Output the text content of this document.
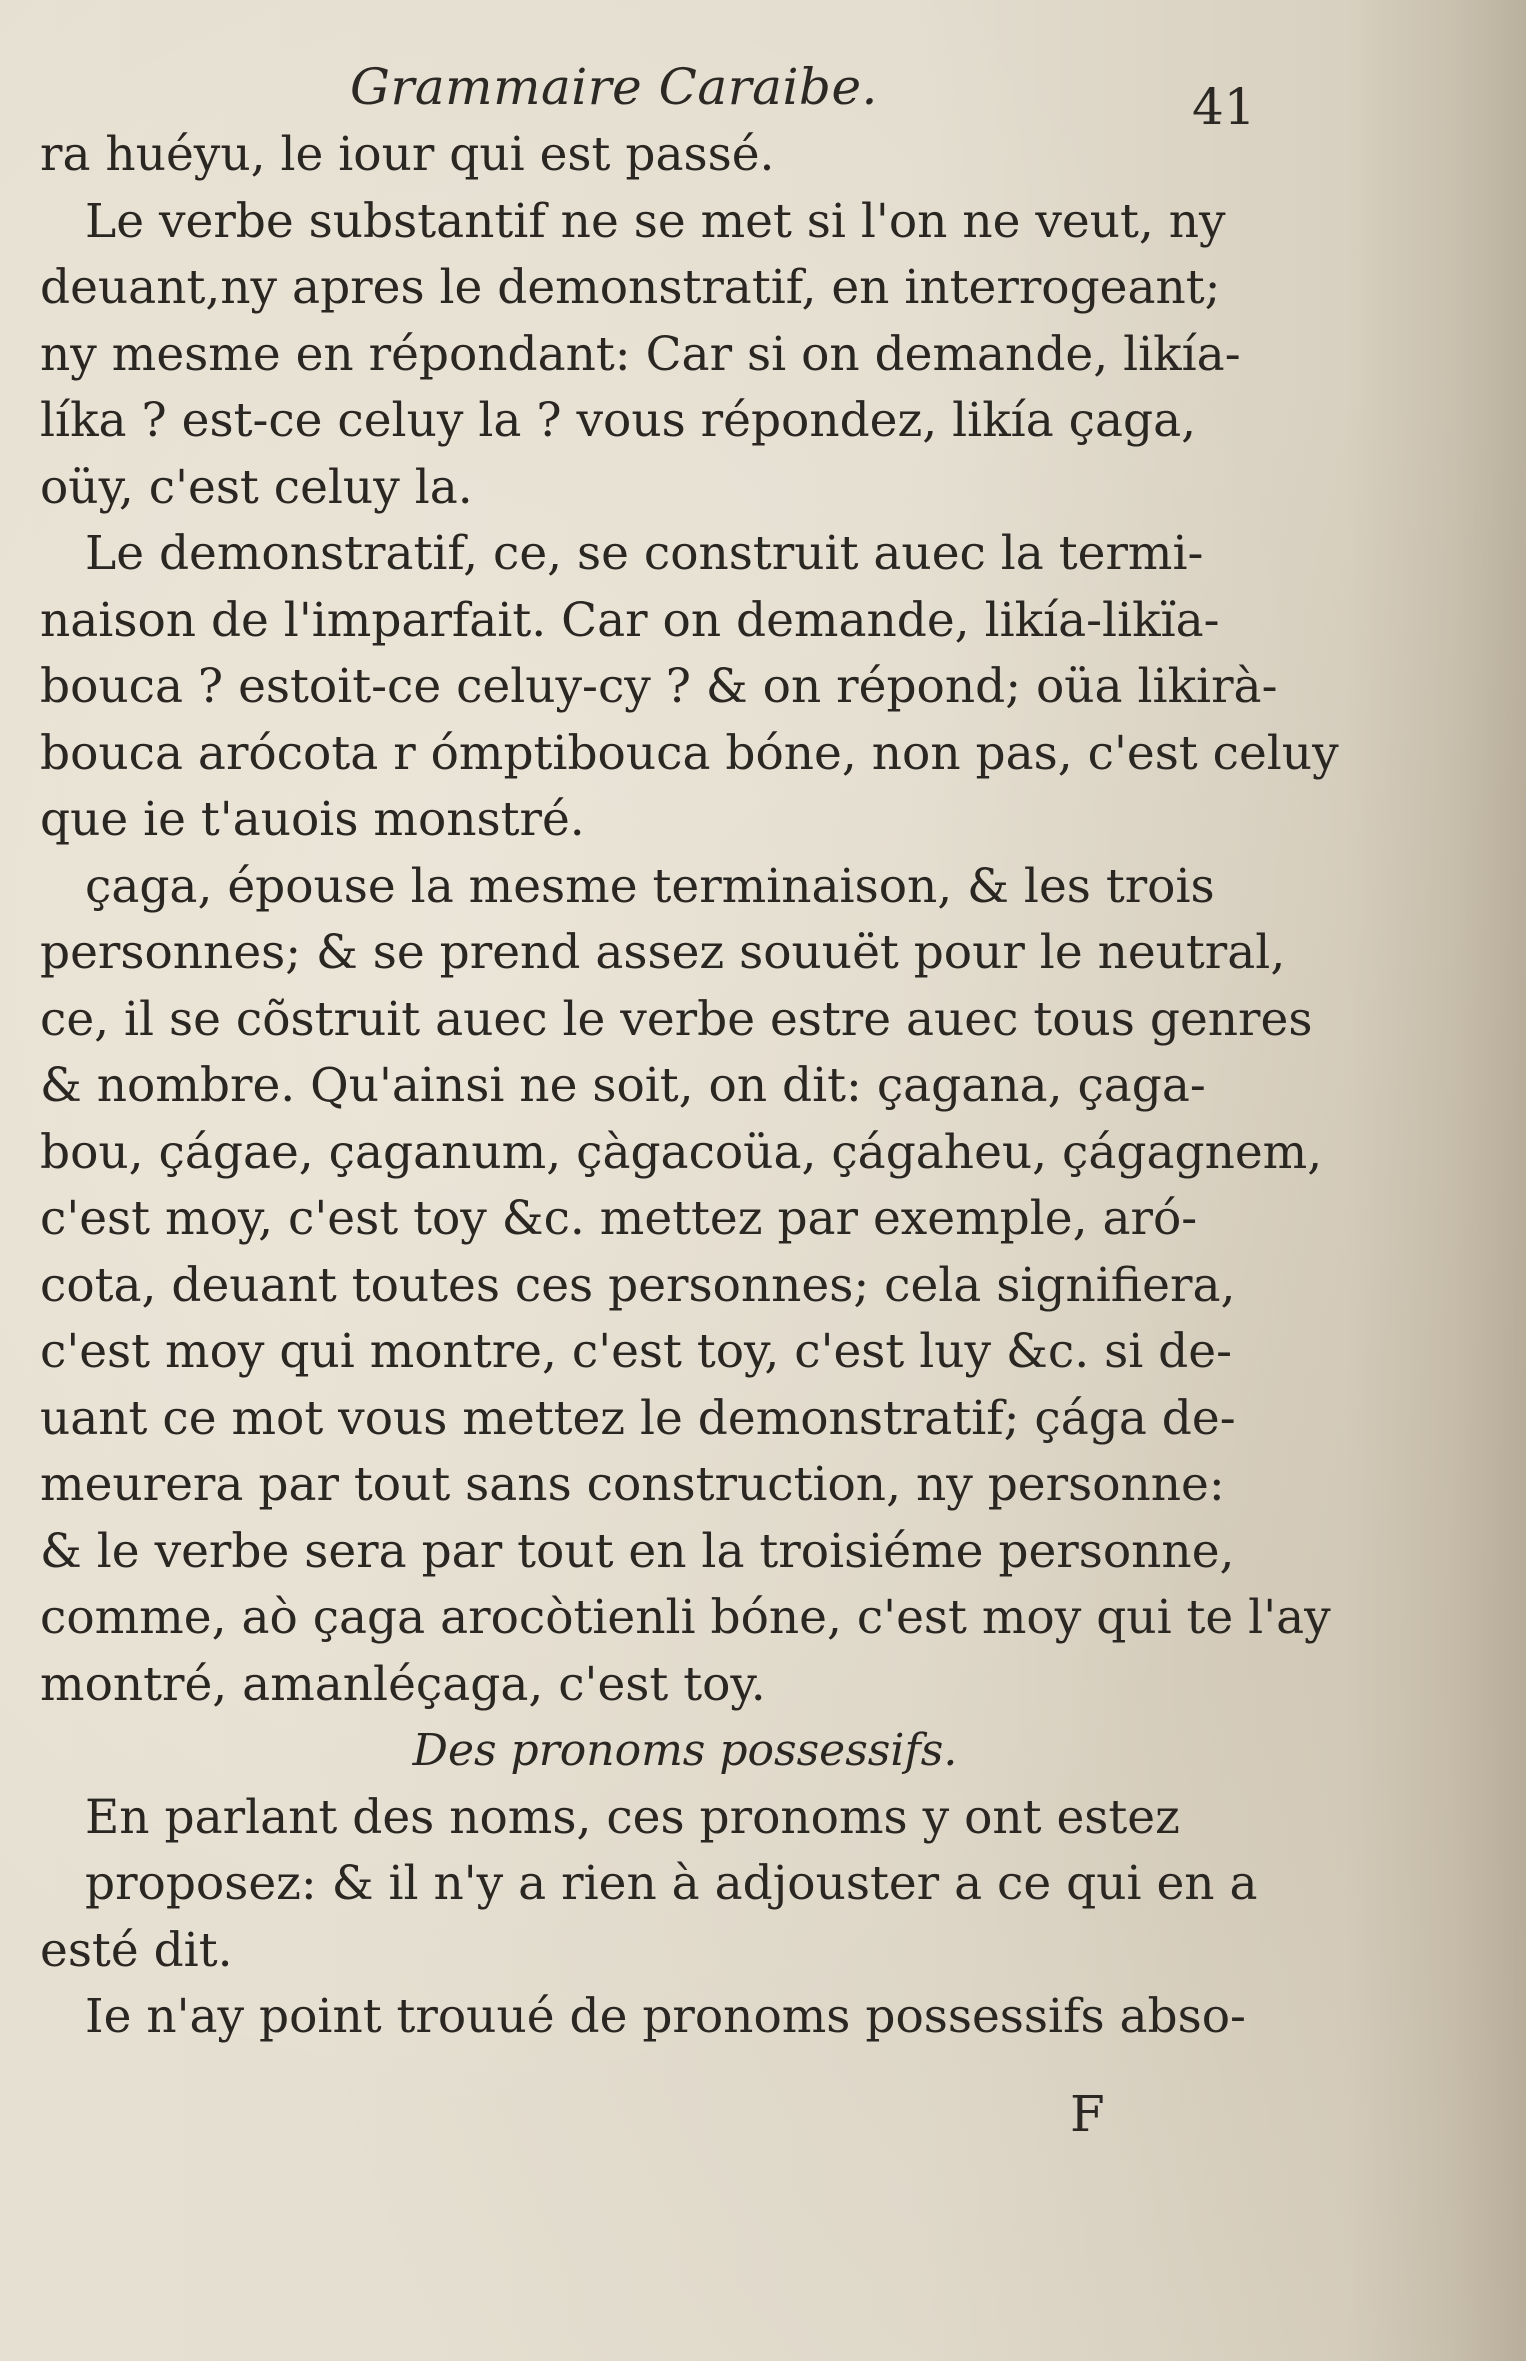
Grammaire Caraibe.	41
ra huéyu, le iour qui est passé.
Le verbe substantif ne se met si l'on ne veut, ny
deuant,ny apres le demonstratif, en interrogeant;
ny mesme en répondant: Car si on demande, likía-
líka ? est-ce celuy la ? vous répondez, likía çaga,
oüy, c'est celuy la.
Le demonstratif, ce, se construit auec la termi-
naison de l'imparfait. Car on demande, likía-likïa-
bouca ? estoit-ce celuy-cy ? & on répond; oüa likirà-
bouca arócota r ómptibouca bóne, non pas, c'est celuy
que ie t'auois monstré.
çaga, épouse la mesme terminaison, & les trois
personnes; & se prend assez souuët pour le neutral,
ce, il se cõstruit auec le verbe estre auec tous genres
& nombre. Qu'ainsi ne soit, on dit: çagana, çaga-
bou, çágae, çaganum, çàgacoüa, çágaheu, çágagnem,
c'est moy, c'est toy &c. mettez par exemple, aró-
cota, deuant toutes ces personnes; cela signifiera,
c'est moy qui montre, c'est toy, c'est luy &c. si de-
uant ce mot vous mettez le demonstratif; çága de-
meurera par tout sans construction, ny personne:
& le verbe sera par tout en la troisiéme personne,
comme, aò çaga arocòtienli bóne, c'est moy qui te l'ay
montré, amanléçaga, c'est toy.
Des pronoms possessifs.
En parlant des noms, ces pronoms y ont estez
proposez: & il n'y a rien à adjouster a ce qui en a
esté dit.
Ie n'ay point trouué de pronoms possessifs abso-
F
